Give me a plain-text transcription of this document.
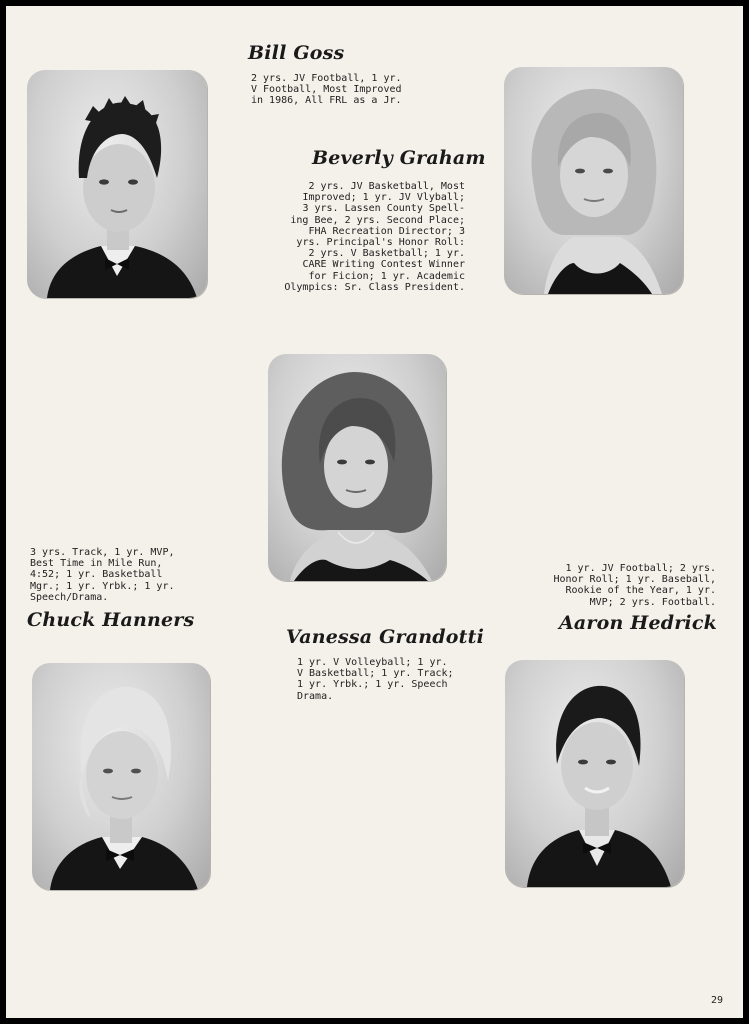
Bill Goss

2 yrs. JV Football, 1 yr.
V Football, Most Improved
in 1986, All FRL as a Jr.

Beverly Graham

2 yrs. JV Basketball, Most
Improved; 1 yr. JV Vlyball;
3 yrs. Lassen County Spell-
ing Bee, 2 yrs. Second Place;
FHA Recreation Director; 3
yrs. Principal's Honor Roll:
2 yrs. V Basketball; 1 yr.
CARE Writing Contest Winner
for Ficion; 1 yr. Academic
Olympics: Sr. Class President.

Vanessa Grandotti

1 yr. V Volleyball; 1 yr.
V Basketball; 1 yr. Track;
1 yr. Yrbk.; 1 yr. Speech
Drama.

3 yrs. Track, 1 yr. MVP,
Best Time in Mile Run,
4:52; 1 yr. Basketball
Mgr.; 1 yr. Yrbk.; 1 yr.
Speech/Drama.

Chuck Hanners

1 yr. JV Football; 2 yrs.
Honor Roll; 1 yr. Baseball,
Rookie of the Year, 1 yr.
MVP; 2 yrs. Football.

Aaron Hedrick
29
